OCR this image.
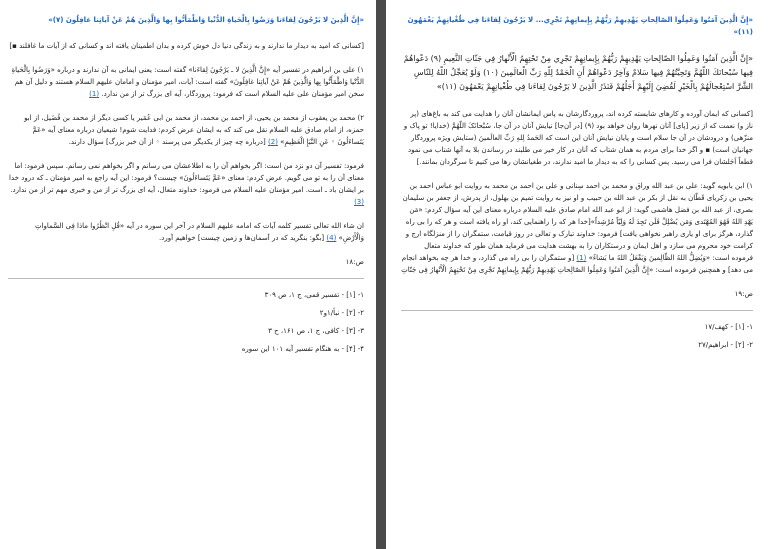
«إِنَّ الَّذِينَ لا يَرْجُونَ لِقاءَنا وَرَضُوا بِالْحَياةِ الدُّنْيا وَاطْمَأَنُّوا بِها وَالَّذِينَ هُمْ عَنْ آياتِنا غافِلُونَ (٧)»
[کسانی که امید به دیدار ما ندارند و به زندگی دنیا دل خوش کرده و بدان اطمینان یافته اند و کسانی که از آیات ما غافلند ▪]
١) علی بن ابراهیم در تفسیر آیه «إِنَّ الَّذِینَ لا ـ یَرْجُونَ لِقاءَنا» گفته است: یعنی ایمانی به آن ندارند و درباره «وَرَضُوا بِالْحَیاةِ الدُّنْیا وَاطْمَأَنُّوا بِها وَالَّذِینَ هُمْ عَنْ آیاتِنا غافِلُونَ» گفته است: آیات، امیر مؤمنان و امامان علیهم السلام هستند و دلیل آن هم سخن امیر مؤمنان علی علیه السلام است که فرمود: پروردگار، آیه ای بزرگ تر از من ندارد. (1)
٢) محمد بن یعقوب از محمد بن یحیی، از احمد بن محمد، از محمد بن ابی عُمَیر یا کسی دیگر از محمد بن فُضَیل، از ابو حمزه، از امام صادق علیه السلام نقل می کند که به ایشان عرض کردم: فدایت شوم! شیعیان درباره معنای آیه «عَمَّ یَتَساءَلُونَ ◦ عَنِ النَّبَإِ الْعَظِیمِ» (2) [درباره چه چیز از یکدیگر می پرسند ◦ از آن خبر بزرگ] سؤال دارند.
فرمود: تفسیر آن دو نزد من است: اگر بخواهم آن را به اطلاعشان می رسانم و اگر بخواهم نمی رسانم. سپس فرمود: اما معنای آن را به تو می گویم. عرض کردم: معنای «عَمَّ یَتَساءَلُونَ» چیست؟ فرمود: این آیه راجع به امیر مؤمنان ـ که درود خدا بر ایشان باد ـ است. امیر مؤمنان علیه السلام می فرمود: خداوند متعال، آیه ای بزرگ تر از من و خبری مهم تر از من ندارد. (3)
ان شاء الله تعالی تفسیر کلمه آیات که امامه علیهم السلام در آخر این سوره در آیه «قُلِ انْظُرُوا ماذا فِی السَّماواتِ وَالْأَرْضِ» (4) [بگو: بنگرید که در آسمان‌ها و زمین چیست] خواهیم آورد.
ص:١٨
١- [١] - تفسیر قمی، ج ١، ص ٣٠٩
٢- [٢] - نبأ/١و٢
٣- [٣] - کافی، ج ١، ص ١۶١، ح ٣
۴- [۴] - به هنگام تفسیر آیه ١٠١ این سوره
«إِنَّ الَّذِينَ آمَنُوا وَعَمِلُوا الصّالِحاتِ يَهْدِيهِمْ رَبُّهُمْ بِإِيمانِهِمْ تَجْرِي... لا يَرْجُونَ لِقاءَنا فِي طُغْيانِهِمْ يَعْمَهُونَ (١١)»
«إِنَّ الَّذِينَ آمَنُوا وَعَمِلُوا الصّالِحاتِ يَهْدِيهِمْ رَبُّهُمْ بِإِيمانِهِمْ تَجْرِي مِنْ تَحْتِهِمُ الْأَنْهارُ فِي جَنّاتِ النَّعِيمِ (٩) دَعْواهُمْ فِيها سُبْحانَكَ اللّهُمَّ وَتَحِيَّتُهُمْ فِيها سَلامٌ وَآخِرُ دَعْواهُمْ أَنِ الْحَمْدُ لِلّهِ رَبِّ الْعالَمِينَ (١٠) وَلَوْ يُعَجِّلُ اللّهُ لِلنّاسِ الشَّرَّ اسْتِعْجالَهُمْ بِالْخَيْرِ لَقُضِيَ إِلَيْهِمْ أَجَلُهُمْ فَنَذَرُ الَّذِينَ لا يَرْجُونَ لِقاءَنا فِي طُغْيانِهِمْ يَعْمَهُونَ (١١)»
[کسانی که ایمان آورده و کارهای شایسته کرده اند، پروردگارشان به پاس ایمانشان آنان را هدایت می کند به باغ‌های (پر ناز و) نعمت که از زیر [پای] آنان نهرها روان خواهد بود (٩) [در آن‌جا] نیایش آنان در آن جا، سُبْحانَکَ اللّهُمَّ (خدایا! تو پاک و منزّهی) و درودشان در آن جا سلام است و پایان نیایش آنان این است که الحَمدُ لِلهِ رَبِّ العالَمینَ (ستایش ویژه پروردگار جهانیان است) ▪ و اگر خدا برای مردم به همان شتاب که آنان در کار خیر می طلبند در رساندن بلا به آنها شتاب می نمود قطعاً اَجَلشان فرا می رسید. پس کسانی را که به دیدار ما امید ندارند، در طغیانشان رها می کنیم تا سرگردان بمانند.]
١) ابن بابویه گوید: علی بن عبد الله وراق و محمد بن احمد سِنانی و علی بن احمد بن محمد به روایت ابو عباس احمد بن یحیی بن زکریای قَطّان به نقل از بکر بن عبد الله بن حبیب و او نیز به روایت تمیم بن بهلول، از پدرش، از جعفر بن سلیمان بصری، از عبد الله بن فضل هاشمی گوید: از ابو عبد الله امام صادق علیه السلام درباره معنای این آیه سؤال کردم: «مَن یَهْدِ اللهُ فَهُوَ المُهْتَدی وَمَن یُضْلِلْ فَلَن تَجِدَ لَهُ وَلِیّاً مُرْشِداً»[خدا هر که را راهنمایی کند، او راه یافته است و هر که را بی راه گذارد، هرگز برای او یاری راهبر نخواهی یافت] فرمود: خداوند تبارک و تعالی در روز قیامت، ستمگران را از منزلگاه ارج و کرامت خود محروم می سازد و اهل ایمان و درستکاران را به بهشت هدایت می فرماید همان طور که خداوند متعال فرموده است: «وَیُضِلُّ اللهُ الظّالِمینَ وَیَفْعَلُ اللهُ ما یَشاءُ» (1) [و ستمگران را بی راه می گذارد، و خدا هر چه بخواهد انجام می دهد] و همچنین فرموده است: «إِنَّ الَّذِینَ آمَنُوا وَعَمِلُوا الصّالِحاتِ یَهْدِیهِمْ رَبُّهُمْ بِإِیمانِهِمْ تَجْرِی مِنْ تَحْتِهِمُ الْأَنْهارُ فِی جَنّاتِ
ص:١٩
١- [١] - کهف/١٧
٢- [٢] - ابراهیم/٢٧
